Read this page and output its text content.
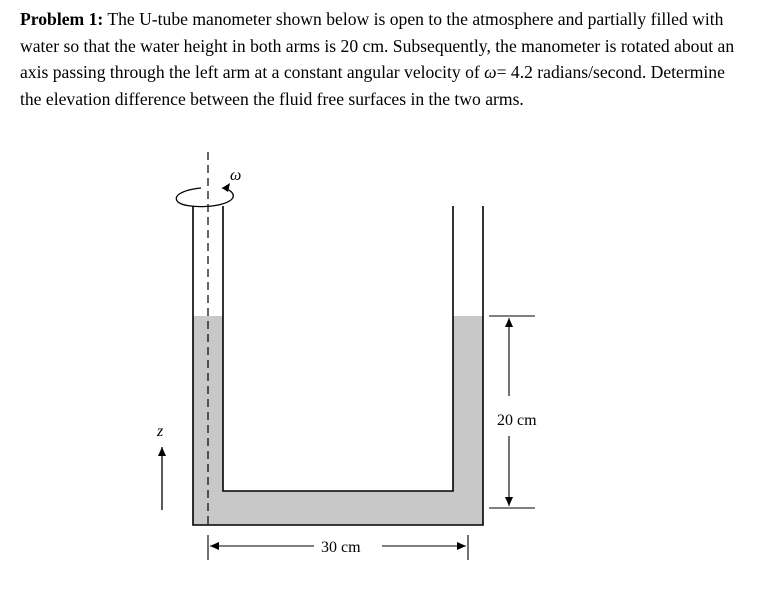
Problem 1: The U-tube manometer shown below is open to the atmosphere and partially filled with water so that the water height in both arms is 20 cm. Subsequently, the manometer is rotated about an axis passing through the left arm at a constant angular velocity of ω= 4.2 radians/second. Determine the elevation difference between the fluid free surfaces in the two arms.
ω
z
20 cm
30 cm
